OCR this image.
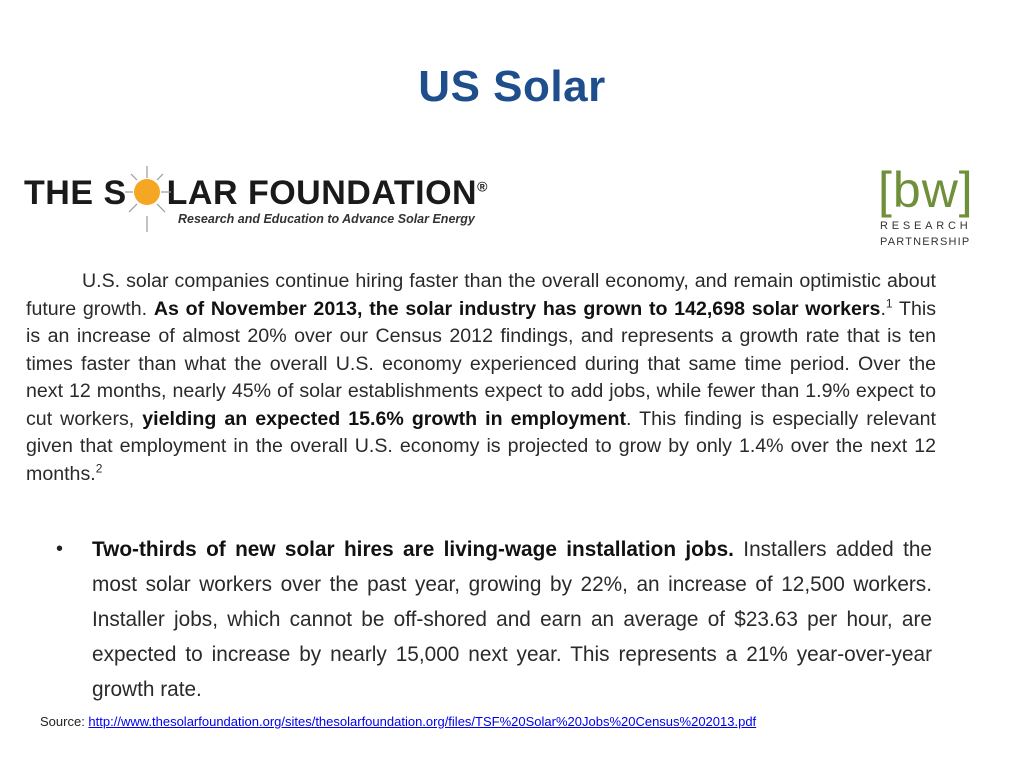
US Solar
THE S LAR FOUNDATION®
Research and Education to Advance Solar Energy
[bw]
RESEARCH
PARTNERSHIP
U.S. solar companies continue hiring faster than the overall economy, and remain optimistic about future growth. As of November 2013, the solar industry has grown to 142,698 solar workers.$^1$ This is an increase of almost 20% over our Census 2012 findings, and represents a growth rate that is ten times faster than what the overall U.S. economy experienced during that same time period. Over the next 12 months, nearly 45% of solar establishments expect to add jobs, while fewer than 1.9% expect to cut workers, yielding an expected 15.6% growth in employment. This finding is especially relevant given that employment in the overall U.S. economy is projected to grow by only 1.4% over the next 12 months.$^2$
• Two-thirds of new solar hires are living-wage installation jobs. Installers added the most solar workers over the past year, growing by 22%, an increase of 12,500 workers. Installer jobs, which cannot be off-shored and earn an average of $23.63 per hour, are expected to increase by nearly 15,000 next year. This represents a 21% year-over-year growth rate.
Source: http://www.thesolarfoundation.org/sites/thesolarfoundation.org/files/TSF%20Solar%20Jobs%20Census%202013.pdf
